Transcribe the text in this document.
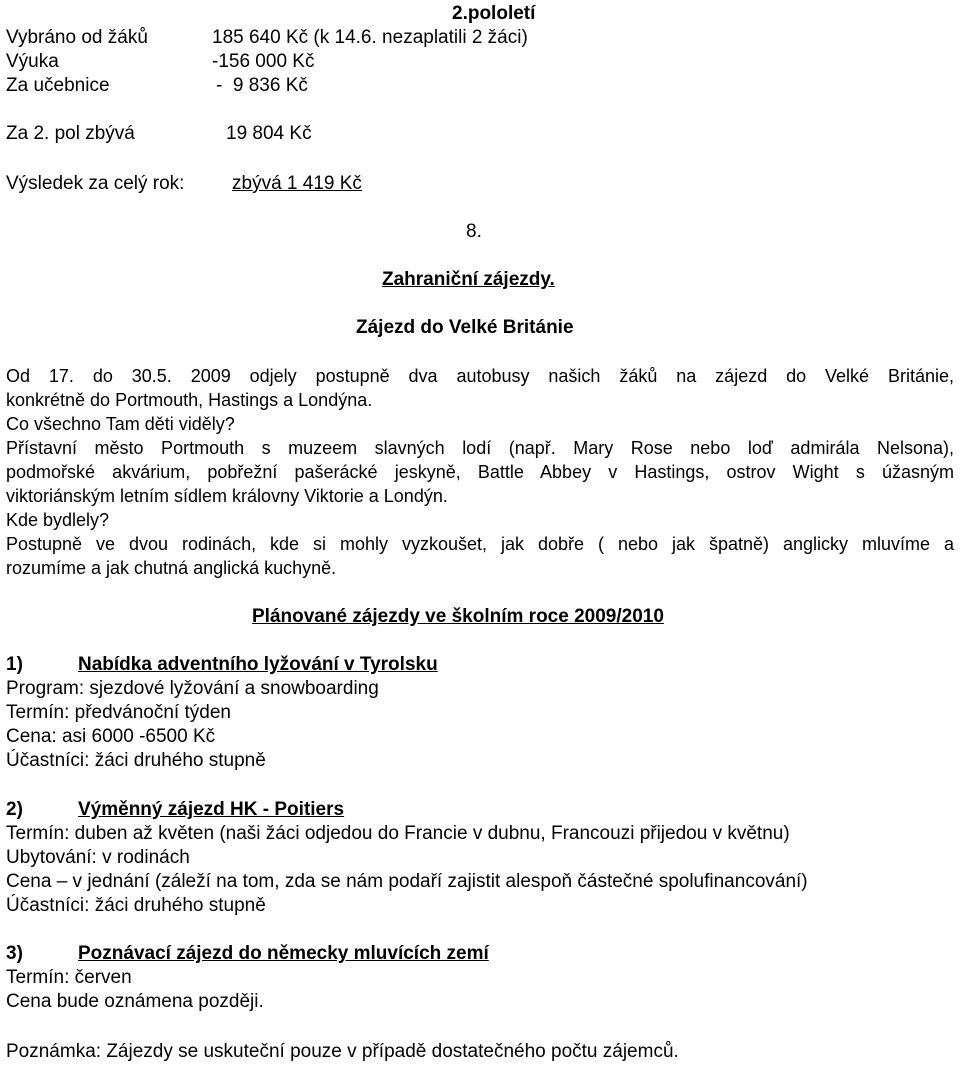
2.pololetí
Vybráno od žáků	185 640 Kč (k 14.6. nezaplatili 2 žáci)
Výuka	-156 000 Kč
Za učebnice	-  9 836 Kč
Za 2. pol zbývá	19 804 Kč
Výsledek za celý rok:	zbývá 1 419 Kč
8.
Zahraniční zájezdy.
Zájezd do Velké Británie
Od 17. do 30.5. 2009 odjely postupně dva autobusy našich žáků na zájezd do Velké Británie,
konkrétně do Portmouth, Hastings a Londýna.
Co všechno Tam děti viděly?
Přístavní město Portmouth s muzeem slavných lodí (např. Mary Rose nebo loď admirála Nelsona),
podmořské akvárium, pobřežní pašerácké jeskyně, Battle Abbey v Hastings, ostrov Wight s úžasným
viktoriánským letním sídlem královny Viktorie a Londýn.
Kde bydlely?
Postupně ve dvou rodinách, kde si mohly vyzkoušet, jak dobře ( nebo jak špatně) anglicky mluvíme a
rozumíme a jak chutná anglická kuchyně.
Plánované zájezdy ve školním roce 2009/2010
1)	Nabídka adventního lyžování v Tyrolsku
Program: sjezdové lyžování a snowboarding
Termín: předvánoční týden
Cena: asi 6000 -6500 Kč
Účastníci: žáci druhého stupně
2)	Výměnný zájezd HK - Poitiers
Termín: duben až květen (naši žáci odjedou do Francie v dubnu, Francouzi přijedou v květnu)
Ubytování: v rodinách
Cena – v jednání (záleží na tom, zda se nám podaří zajistit alespoň částečné spolufinancování)
Účastníci: žáci druhého stupně
3)	Poznávací zájezd do německy mluvících zemí
Termín: červen
Cena bude oznámena později.
Poznámka: Zájezdy se uskuteční pouze v případě dostatečného počtu zájemců.
